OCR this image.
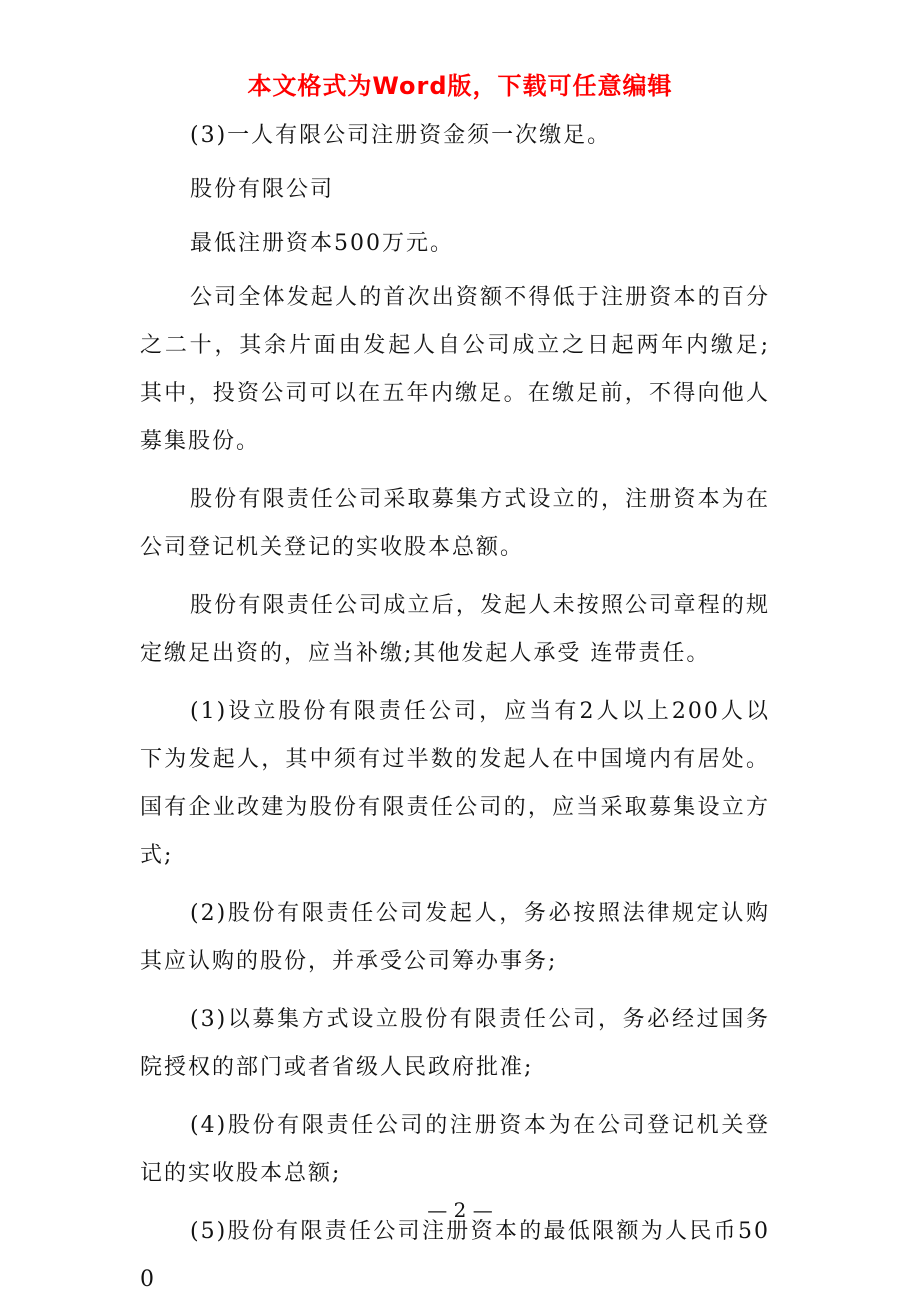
本文格式为Word版，下载可任意编辑

(3)一人有限公司注册资金须一次缴足。

股份有限公司

最低注册资本500万元。

公司全体发起人的首次出资额不得低于注册资本的百分之二十，其余片面由发起人自公司成立之日起两年内缴足;其中，投资公司可以在五年内缴足。在缴足前，不得向他人募集股份。

股份有限责任公司采取募集方式设立的，注册资本为在公司登记机关登记的实收股本总额。

股份有限责任公司成立后，发起人未按照公司章程的规定缴足出资的，应当补缴;其他发起人承受 连带责任。

(1)设立股份有限责任公司，应当有2人以上200人以下为发起人，其中须有过半数的发起人在中国境内有居处。国有企业改建为股份有限责任公司的，应当采取募集设立方式;

(2)股份有限责任公司发起人，务必按照法律规定认购其应认购的股份，并承受公司筹办事务;

(3)以募集方式设立股份有限责任公司，务必经过国务院授权的部门或者省级人民政府批准;

(4)股份有限责任公司的注册资本为在公司登记机关登记的实收股本总额;

(5)股份有限责任公司注册资本的最低限额为人民币500

— 2 —
